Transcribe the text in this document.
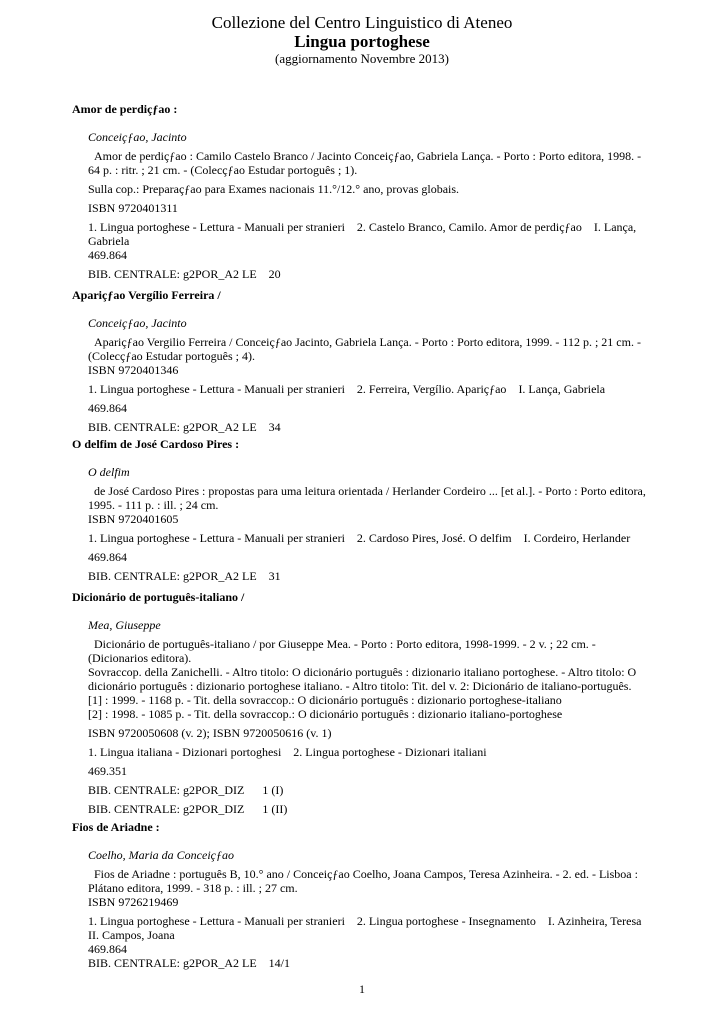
Collezione del Centro Linguistico di Ateneo
Lingua portoghese
(aggiornamento Novembre 2013)
Amor de perdiçƒao :
Conceiçƒao, Jacinto
Amor de perdiçƒao : Camilo Castelo Branco / Jacinto Conceiçƒao, Gabriela Lança. - Porto : Porto editora, 1998. - 64 p. : ritr. ; 21 cm. - (Colecçƒao Estudar portoguês ; 1).
Sulla cop.: Preparaçƒao para Exames nacionais 11.°/12.° ano, provas globais.
ISBN 9720401311
1. Lingua portoghese - Lettura - Manuali per stranieri 2. Castelo Branco, Camilo. Amor de perdiçƒao I. Lança, Gabriela
469.864
BIB. CENTRALE: g2POR_A2 LE 20
Apariçƒao Vergílio Ferreira /
Conceiçƒao, Jacinto
Apariçƒao Vergilio Ferreira / Conceiçƒao Jacinto, Gabriela Lança. - Porto : Porto editora, 1999. - 112 p. ; 21 cm. - (Colecçƒao Estudar portoguês ; 4).
ISBN 9720401346
1. Lingua portoghese - Lettura - Manuali per stranieri 2. Ferreira, Vergílio. Apariçƒao I. Lança, Gabriela
469.864
BIB. CENTRALE: g2POR_A2 LE 34
O delfim de José Cardoso Pires :
O delfim
de José Cardoso Pires : propostas para uma leitura orientada / Herlander Cordeiro ... [et al.]. - Porto : Porto editora, 1995. - 111 p. : ill. ; 24 cm.
ISBN 9720401605
1. Lingua portoghese - Lettura - Manuali per stranieri 2. Cardoso Pires, José. O delfim I. Cordeiro, Herlander
469.864
BIB. CENTRALE: g2POR_A2 LE 31
Dicionário de português-italiano /
Mea, Giuseppe
Dicionário de português-italiano / por Giuseppe Mea. - Porto : Porto editora, 1998-1999. - 2 v. ; 22 cm. - (Dicionarios editora).
Sovraccop. della Zanichelli. - Altro titolo: O dicionário português : dizionario italiano portoghese. - Altro titolo: O dicionário português : dizionario portoghese italiano. - Altro titolo: Tit. del v. 2: Dicionário de italiano-português.
[1] : 1999. - 1168 p. - Tit. della sovraccop.: O dicionário português : dizionario portoghese-italiano
[2] : 1998. - 1085 p. - Tit. della sovraccop.: O dicionário português : dizionario italiano-portoghese
ISBN 9720050608 (v. 2); ISBN 9720050616 (v. 1)
1. Lingua italiana - Dizionari portoghesi 2. Lingua portoghese - Dizionari italiani
469.351
BIB. CENTRALE: g2POR_DIZ 1 (I)
BIB. CENTRALE: g2POR_DIZ 1 (II)
Fios de Ariadne :
Coelho, Maria da Conceiçƒao
Fios de Ariadne : português B, 10.° ano / Conceiçƒao Coelho, Joana Campos, Teresa Azinheira. - 2. ed. - Lisboa : Plátano editora, 1999. - 318 p. : ill. ; 27 cm.
ISBN 9726219469
1. Lingua portoghese - Lettura - Manuali per stranieri 2. Lingua portoghese - Insegnamento I. Azinheira, Teresa II. Campos, Joana
469.864
BIB. CENTRALE: g2POR_A2 LE 14/1
1
